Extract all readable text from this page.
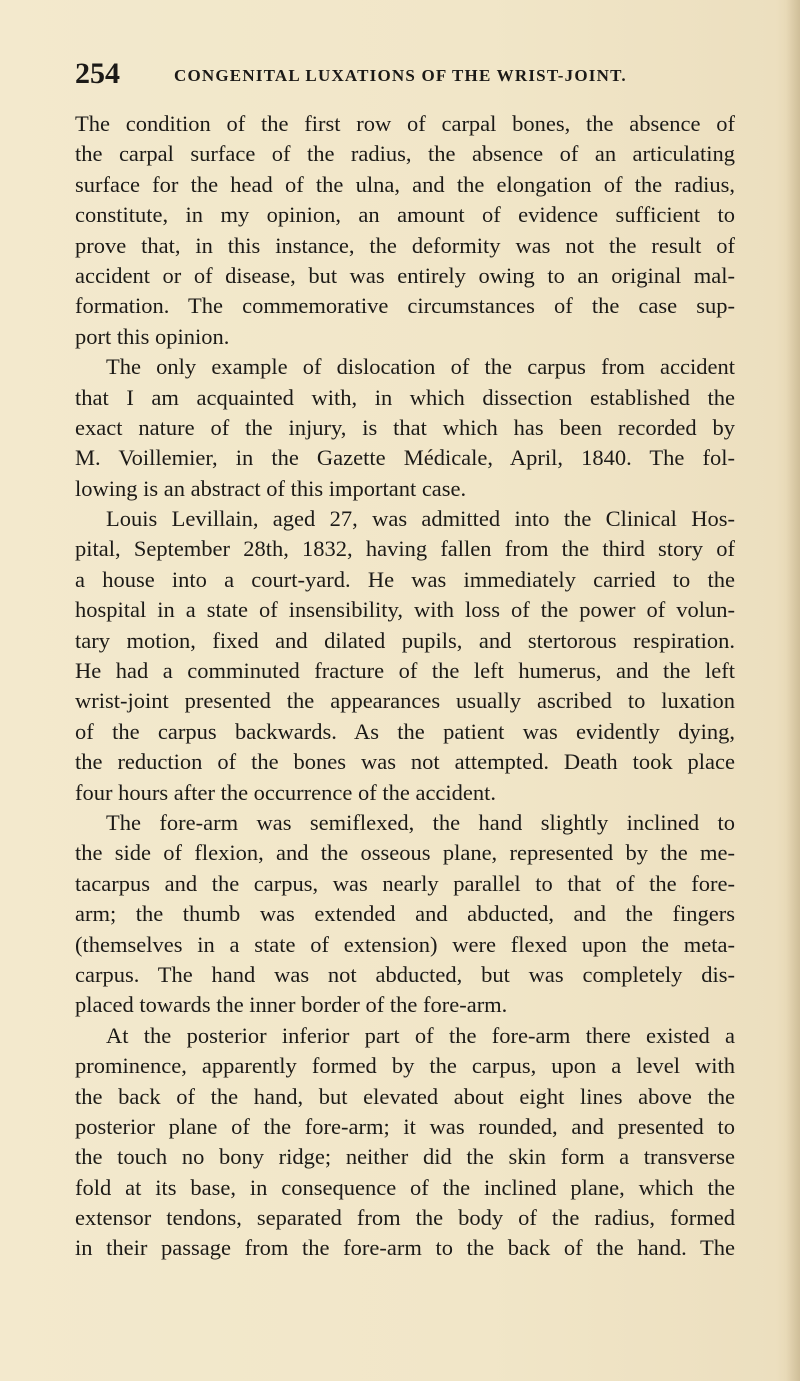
254	CONGENITAL LUXATIONS OF THE WRIST-JOINT.
The condition of the first row of carpal bones, the absence of
the carpal surface of the radius, the absence of an articulating
surface for the head of the ulna, and the elongation of the radius,
constitute, in my opinion, an amount of evidence sufficient to
prove that, in this instance, the deformity was not the result of
accident or of disease, but was entirely owing to an original mal-
formation. The commemorative circumstances of the case sup-
port this opinion.
The only example of dislocation of the carpus from accident
that I am acquainted with, in which dissection established the
exact nature of the injury, is that which has been recorded by
M. Voillemier, in the Gazette Médicale, April, 1840. The fol-
lowing is an abstract of this important case.
Louis Levillain, aged 27, was admitted into the Clinical Hos-
pital, September 28th, 1832, having fallen from the third story of
a house into a court-yard. He was immediately carried to the
hospital in a state of insensibility, with loss of the power of volun-
tary motion, fixed and dilated pupils, and stertorous respiration.
He had a comminuted fracture of the left humerus, and the left
wrist-joint presented the appearances usually ascribed to luxation
of the carpus backwards. As the patient was evidently dying,
the reduction of the bones was not attempted. Death took place
four hours after the occurrence of the accident.
The fore-arm was semiflexed, the hand slightly inclined to
the side of flexion, and the osseous plane, represented by the me-
tacarpus and the carpus, was nearly parallel to that of the fore-
arm; the thumb was extended and abducted, and the fingers
(themselves in a state of extension) were flexed upon the meta-
carpus. The hand was not abducted, but was completely dis-
placed towards the inner border of the fore-arm.
At the posterior inferior part of the fore-arm there existed a
prominence, apparently formed by the carpus, upon a level with
the back of the hand, but elevated about eight lines above the
posterior plane of the fore-arm; it was rounded, and presented to
the touch no bony ridge; neither did the skin form a transverse
fold at its base, in consequence of the inclined plane, which the
extensor tendons, separated from the body of the radius, formed
in their passage from the fore-arm to the back of the hand. The
